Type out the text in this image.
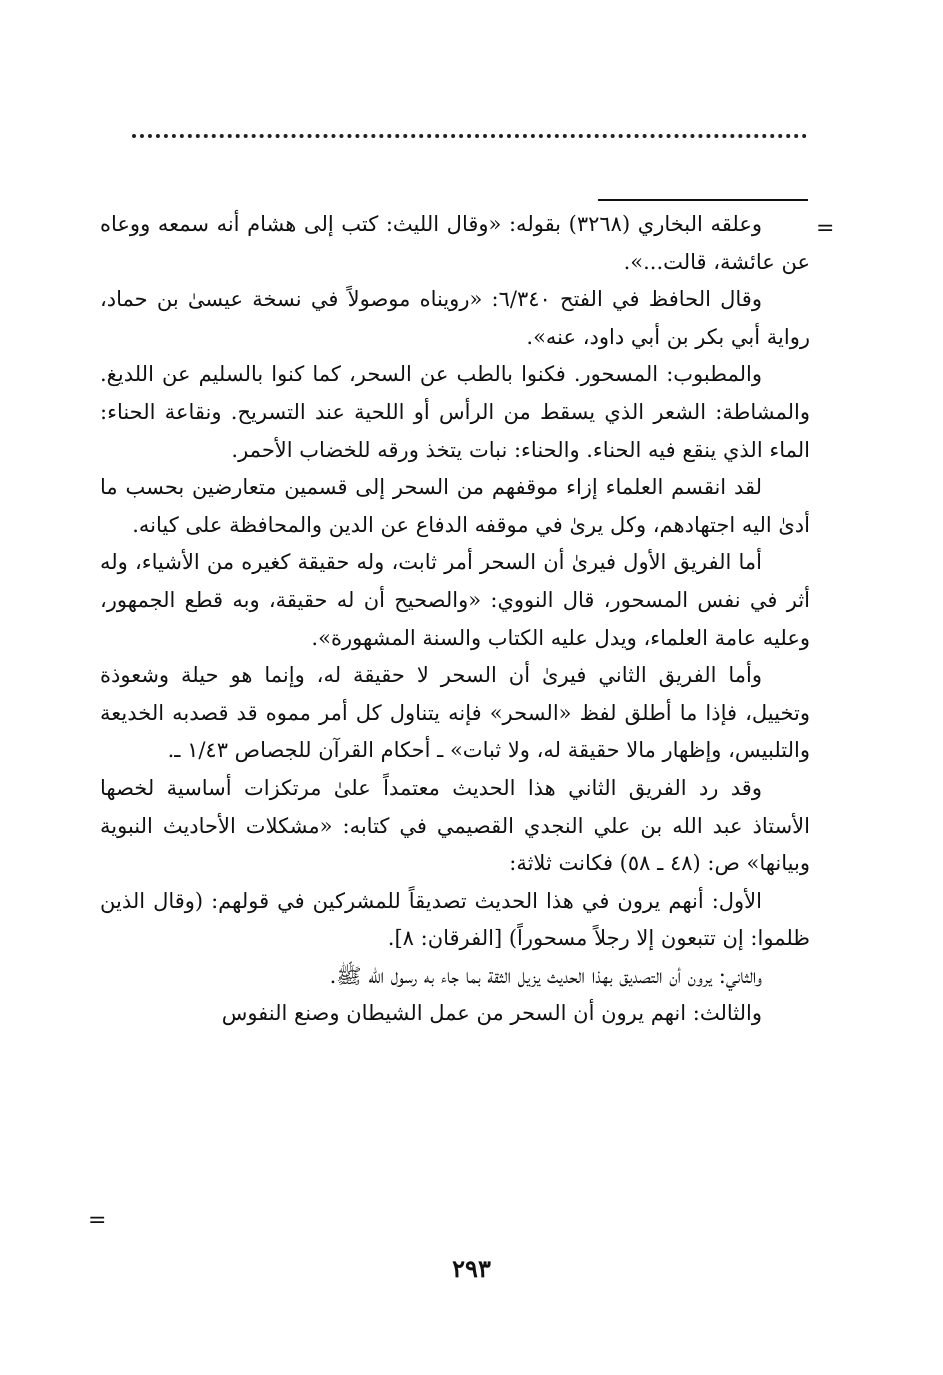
=

وعلقه البخاري (٣٢٦٨) بقوله: «وقال الليث: كتب إلى هشام أنه سمعه ووعاه عن عائشة، قالت...».

وقال الحافظ في الفتح ٦/٣٤٠: «رويناه موصولاً في نسخة عيسىٰ بن حماد، رواية أبي بكر بن أبي داود، عنه».

والمطبوب: المسحور. فكنوا بالطب عن السحر، كما كنوا بالسليم عن اللديغ. والمشاطة: الشعر الذي يسقط من الرأس أو اللحية عند التسريح. ونقاعة الحناء: الماء الذي ينقع فيه الحناء. والحناء: نبات يتخذ ورقه للخضاب الأحمر.

لقد انقسم العلماء إزاء موقفهم من السحر إلى قسمين متعارضين بحسب ما أدىٰ اليه اجتهادهم، وكل يرىٰ في موقفه الدفاع عن الدين والمحافظة على كيانه.

أما الفريق الأول فيرىٰ أن السحر أمر ثابت، وله حقيقة كغيره من الأشياء، وله أثر في نفس المسحور، قال النووي: «والصحيح أن له حقيقة، وبه قطع الجمهور، وعليه عامة العلماء، ويدل عليه الكتاب والسنة المشهورة».

وأما الفريق الثاني فيرىٰ أن السحر لا حقيقة له، وإنما هو حيلة وشعوذة وتخييل، فإذا ما أطلق لفظ «السحر» فإنه يتناول كل أمر مموه قد قصدبه الخديعة والتلبيس، وإظهار مالا حقيقة له، ولا ثبات» ـ أحكام القرآن للجصاص ١/٤٣ ـ.

وقد رد الفريق الثاني هذا الحديث معتمداً علىٰ مرتكزات أساسية لخصها الأستاذ عبد الله بن علي النجدي القصيمي في كتابه: «مشكلات الأحاديث النبوية وبيانها» ص: (٤٨ ـ ٥٨) فكانت ثلاثة:

الأول: أنهم يرون في هذا الحديث تصديقاً للمشركين في قولهم: (وقال الذين ظلموا: إن تتبعون إلا رجلاً مسحوراً) [الفرقان: ٨].

والثاني: يرون أن التصديق بهذا الحديث يزيل الثقة بما جاء به رسول الله ﷺ.

والثالث: انهم يرون أن السحر من عمل الشيطان وصنع النفوس

=
٢٩٣
